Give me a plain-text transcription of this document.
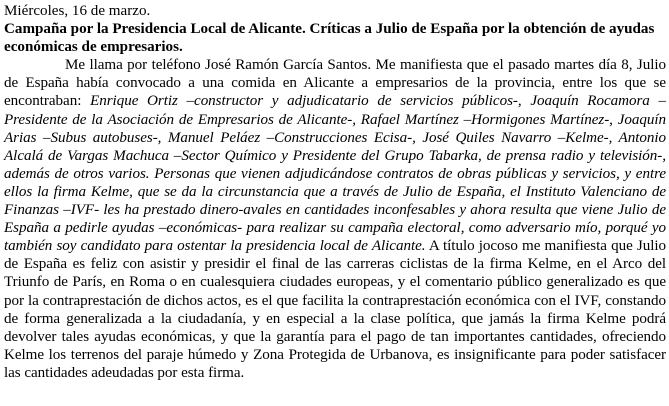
Miércoles, 16 de marzo.

Campaña por la Presidencia Local de Alicante. Críticas a Julio de España por la obtención de ayudas económicas de empresarios.

Me llama por teléfono José Ramón García Santos. Me manifiesta que el pasado martes día 8, Julio de España había convocado a una comida en Alicante a empresarios de la provincia, entre los que se encontraban: Enrique Ortiz –constructor y adjudicatario de servicios públicos-, Joaquín Rocamora –Presidente de la Asociación de Empresarios de Alicante-, Rafael Martínez –Hormigones Martínez-, Joaquín Arias –Subus autobuses-, Manuel Peláez –Construcciones Ecisa-, José Quiles Navarro –Kelme-, Antonio Alcalá de Vargas Machuca –Sector Químico y Presidente del Grupo Tabarka, de prensa radio y televisión-, además de otros varios. Personas que vienen adjudicándose contratos de obras públicas y servicios, y entre ellos la firma Kelme, que se da la circunstancia que a través de Julio de España, el Instituto Valenciano de Finanzas –IVF- les ha prestado dinero-avales en cantidades inconfesables y ahora resulta que viene Julio de España a pedirle ayudas –económicas- para realizar su campaña electoral, como adversario mío, porqué yo también soy candidato para ostentar la presidencia local de Alicante. A título jocoso me manifiesta que Julio de España es feliz con asistir y presidir el final de las carreras ciclistas de la firma Kelme, en el Arco del Triunfo de París, en Roma o en cualesquiera ciudades europeas, y el comentario público generalizado es que por la contraprestación de dichos actos, es el que facilita la contraprestación económica con el IVF, constando de forma generalizada a la ciudadanía, y en especial a la clase política, que jamás la firma Kelme podrá devolver tales ayudas económicas, y que la garantía para el pago de tan importantes cantidades, ofreciendo Kelme los terrenos del paraje húmedo y Zona Protegida de Urbanova, es insignificante para poder satisfacer las cantidades adeudadas por esta firma.
